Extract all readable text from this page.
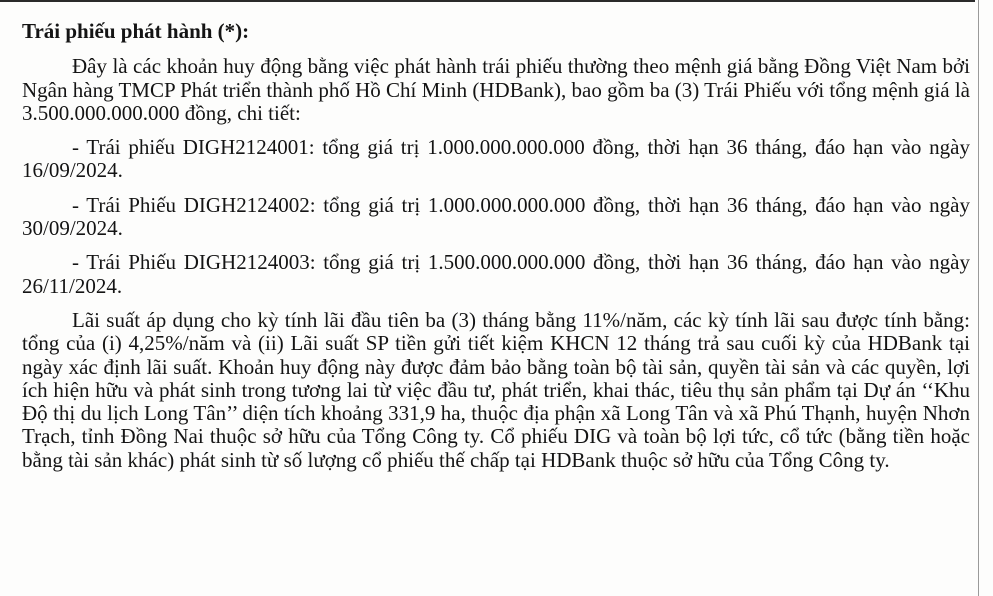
Trái phiếu phát hành (*):

Đây là các khoản huy động bằng việc phát hành trái phiếu thường theo mệnh giá bằng Đồng Việt Nam bởi Ngân hàng TMCP Phát triển thành phố Hồ Chí Minh (HDBank), bao gồm ba (3) Trái Phiếu với tổng mệnh giá là 3.500.000.000.000 đồng, chi tiết:

- Trái phiếu DIGH2124001: tổng giá trị 1.000.000.000.000 đồng, thời hạn 36 tháng, đáo hạn vào ngày 16/09/2024.

- Trái Phiếu DIGH2124002: tổng giá trị 1.000.000.000.000 đồng, thời hạn 36 tháng, đáo hạn vào ngày 30/09/2024.

- Trái Phiếu DIGH2124003: tổng giá trị 1.500.000.000.000 đồng, thời hạn 36 tháng, đáo hạn vào ngày 26/11/2024.

Lãi suất áp dụng cho kỳ tính lãi đầu tiên ba (3) tháng bằng 11%/năm, các kỳ tính lãi sau được tính bằng: tổng của (i) 4,25%/năm và (ii) Lãi suất SP tiền gửi tiết kiệm KHCN 12 tháng trả sau cuối kỳ của HDBank tại ngày xác định lãi suất. Khoản huy động này được đảm bảo bằng toàn bộ tài sản, quyền tài sản và các quyền, lợi ích hiện hữu và phát sinh trong tương lai từ việc đầu tư, phát triển, khai thác, tiêu thụ sản phẩm tại Dự án ‘‘Khu Độ thị du lịch Long Tân’’ diện tích khoảng 331,9 ha, thuộc địa phận xã Long Tân và xã Phú Thạnh, huyện Nhơn Trạch, tỉnh Đồng Nai thuộc sở hữu của Tổng Công ty. Cổ phiếu DIG và toàn bộ lợi tức, cổ tức (bằng tiền hoặc bằng tài sản khác) phát sinh từ số lượng cổ phiếu thế chấp tại HDBank thuộc sở hữu của Tổng Công ty.
